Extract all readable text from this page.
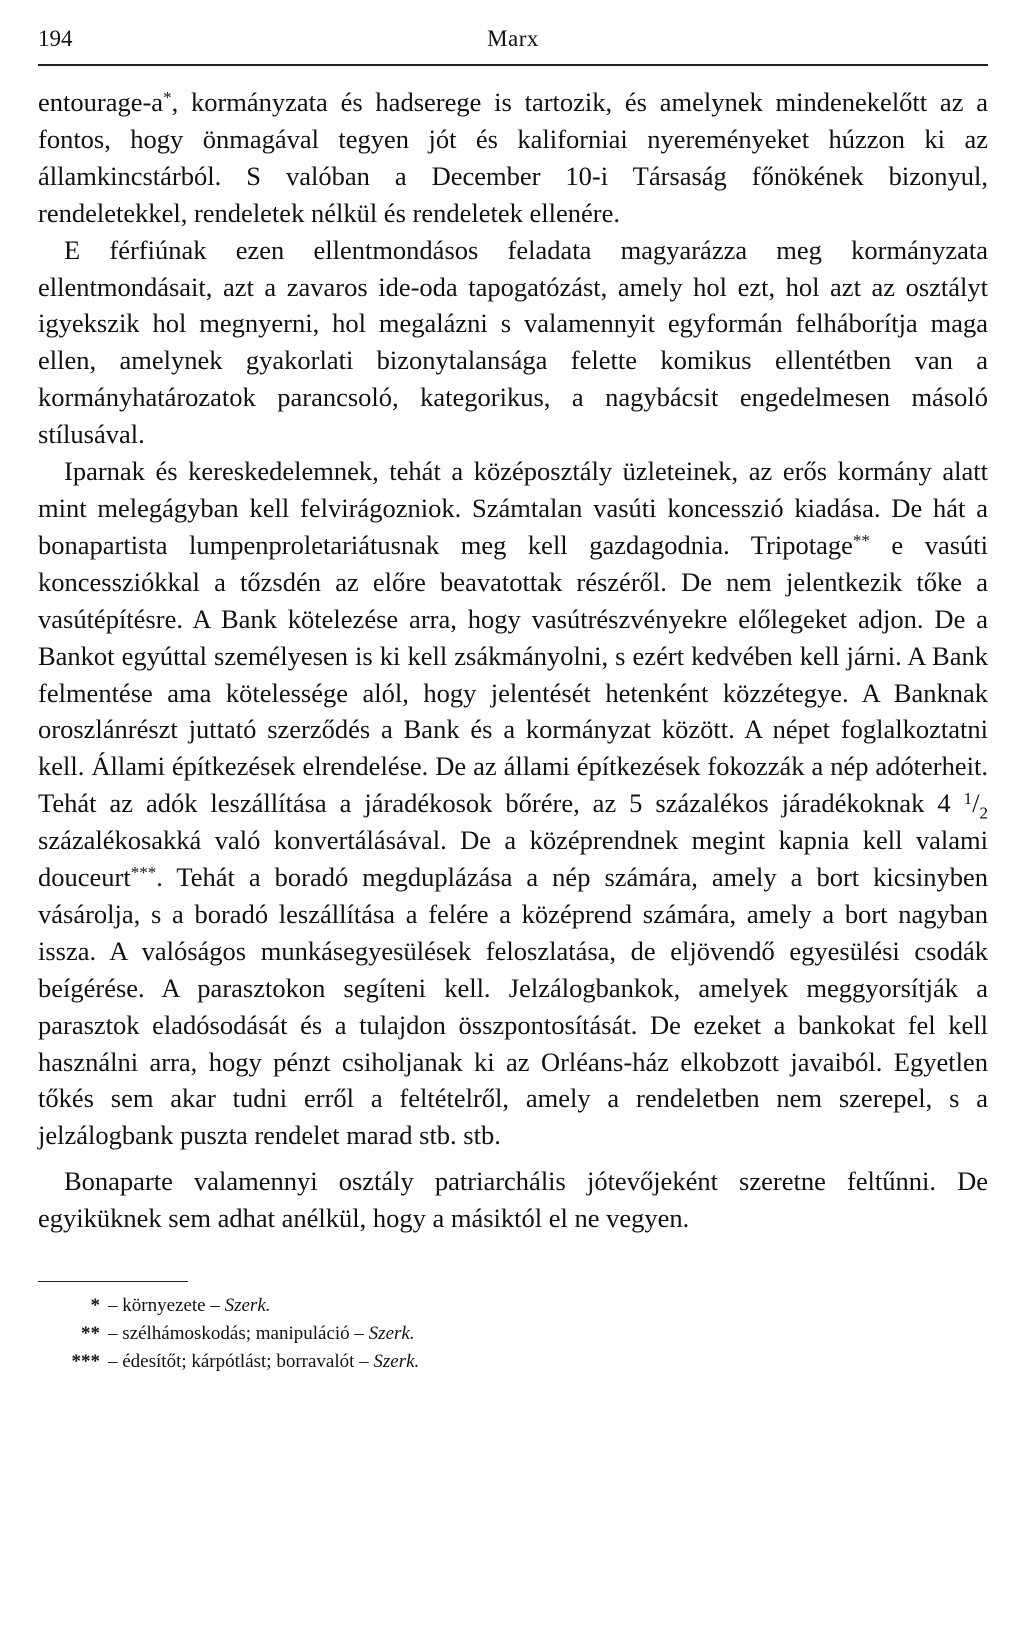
194	Marx

entourage-a*, kormányzata és hadserege is tartozik, és amelynek mindenekelőtt az a fontos, hogy önmagával tegyen jót és kaliforniai nyereményeket húzzon ki az államkincstárból. S valóban a December 10-i Társaság főnökének bizonyul, rendeletekkel, rendeletek nélkül és rendeletek ellenére.

E férfiúnak ezen ellentmondásos feladata magyarázza meg kormányzata ellentmondásait, azt a zavaros ide-oda tapogatózást, amely hol ezt, hol azt az osztályt igyekszik hol megnyerni, hol megalázni s valamennyit egyformán felháborítja maga ellen, amelynek gyakorlati bizonytalansága felette komikus ellentétben van a kormányhatározatok parancsoló, kategorikus, a nagybácsit engedelmesen másoló stílusával.

Iparnak és kereskedelemnek, tehát a középosztály üzleteinek, az erős kormány alatt mint melegágyban kell felvirágozniok. Számtalan vasúti koncesszió kiadása. De hát a bonapartista lumpenproletariátusnak meg kell gazdagodnia. Tripotage** e vasúti koncessziókkal a tőzsdén az előre beavatottak részéről. De nem jelentkezik tőke a vasútépítésre. A Bank kötelezése arra, hogy vasútrészvényekre előlegeket adjon. De a Bankot egyúttal személyesen is ki kell zsákmányolni, s ezért kedvében kell járni. A Bank felmentése ama kötelessége alól, hogy jelentését hetenként közzétegye. A Banknak oroszlánrészt juttató szerződés a Bank és a kormányzat között. A népet foglalkoztatni kell. Állami építkezések elrendelése. De az állami építkezések fokozzák a nép adóterheit. Tehát az adók leszállítása a járadékosok bőrére, az 5 százalékos járadékoknak 4 $^1/_2$ százalékosakká való konvertálásával. De a középrendnek megint kapnia kell valami douceurt***. Tehát a boradó megduplázása a nép számára, amely a bort kicsinyben vásárolja, s a boradó leszállítása a felére a középrend számára, amely a bort nagyban issza. A valóságos munkásegyesülések feloszlatása, de eljövendő egyesülési csodák beígérése. A parasztokon segíteni kell. Jelzálogbankok, amelyek meggyorsítják a parasztok eladósodását és a tulajdon összpontosítását. De ezeket a bankokat fel kell használni arra, hogy pénzt csiholjanak ki az Orléans-ház elkobzott javaiból. Egyetlen tőkés sem akar tudni erről a feltételről, amely a rendeletben nem szerepel, s a jelzálogbank puszta rendelet marad stb. stb.

Bonaparte valamennyi osztály patriarchális jótevőjeként szeretne feltűnni. De egyiküknek sem adhat anélkül, hogy a másiktól el ne vegyen.

* – környezete – Szerk.
** – szélhámoskodás; manipuláció – Szerk.
*** – édesítőt; kárpótlást; borravalót – Szerk.
